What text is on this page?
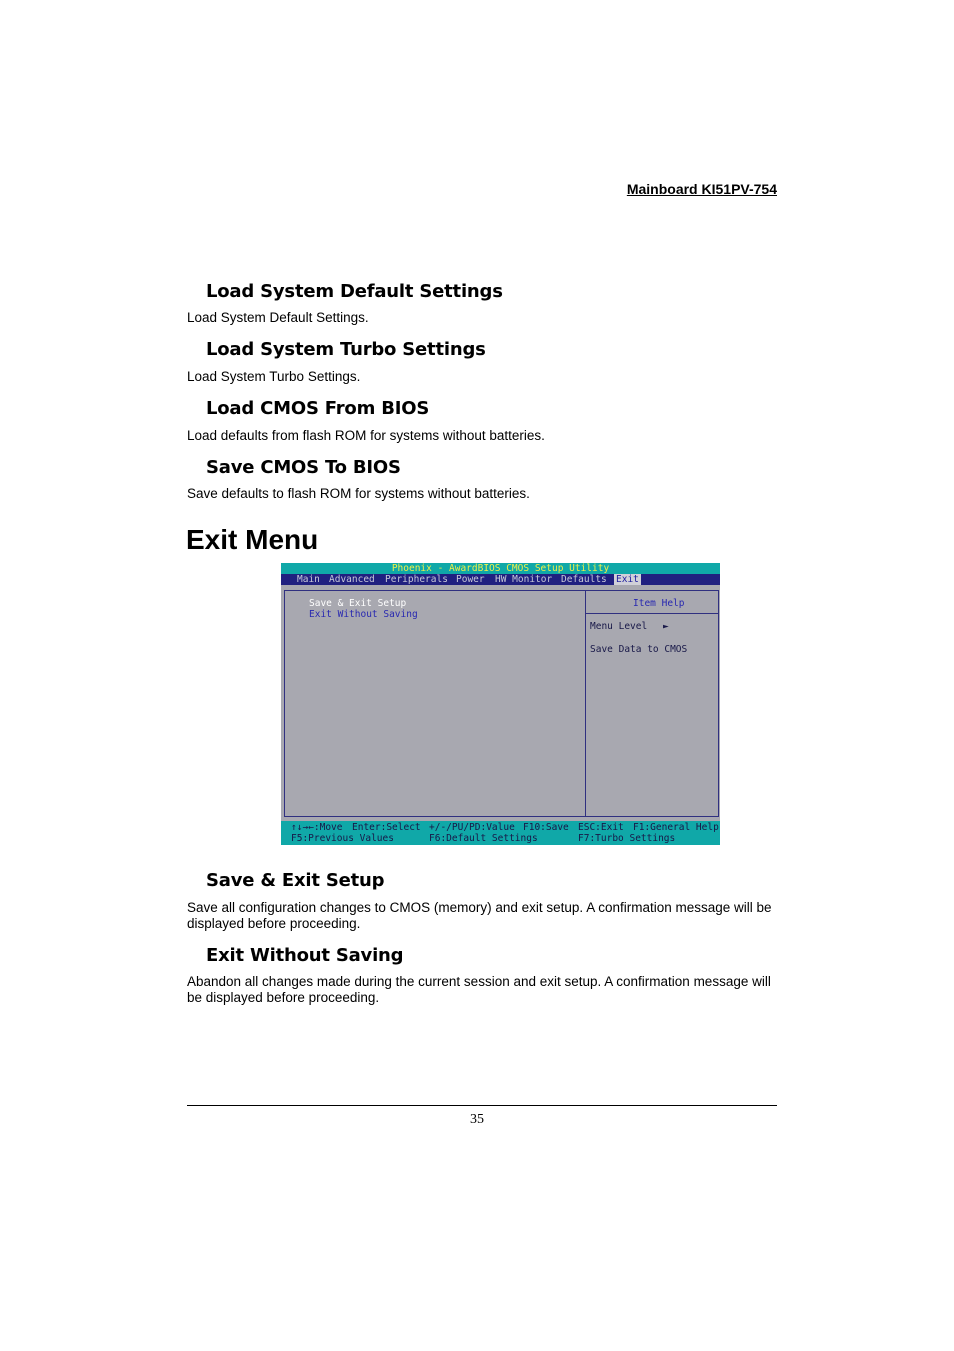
Mainboard KI51PV-754
Load System Default Settings
Load System Default Settings.
Load System Turbo Settings
Load System Turbo Settings.
Load CMOS From BIOS
Load defaults from flash ROM for systems without batteries.
Save CMOS To BIOS
Save defaults to flash ROM for systems without batteries.
Exit Menu
Phoenix - AwardBIOS CMOS Setup Utility
Main Advanced Peripherals Power HW Monitor Defaults Exit
Save & Exit Setup
Exit Without Saving
Item Help
Menu Level ►
Save Data to CMOS
↑↓→←:Move Enter:Select +/-/PU/PD:Value F10:Save ESC:Exit F1:General Help
F5:Previous Values	F6:Default Settings	F7:Turbo Settings
Save & Exit Setup
Save all configuration changes to CMOS (memory) and exit setup. A confirmation message will be displayed before proceeding.
Exit Without Saving
Abandon all changes made during the current session and exit setup. A confirmation message will be displayed before proceeding.
35
